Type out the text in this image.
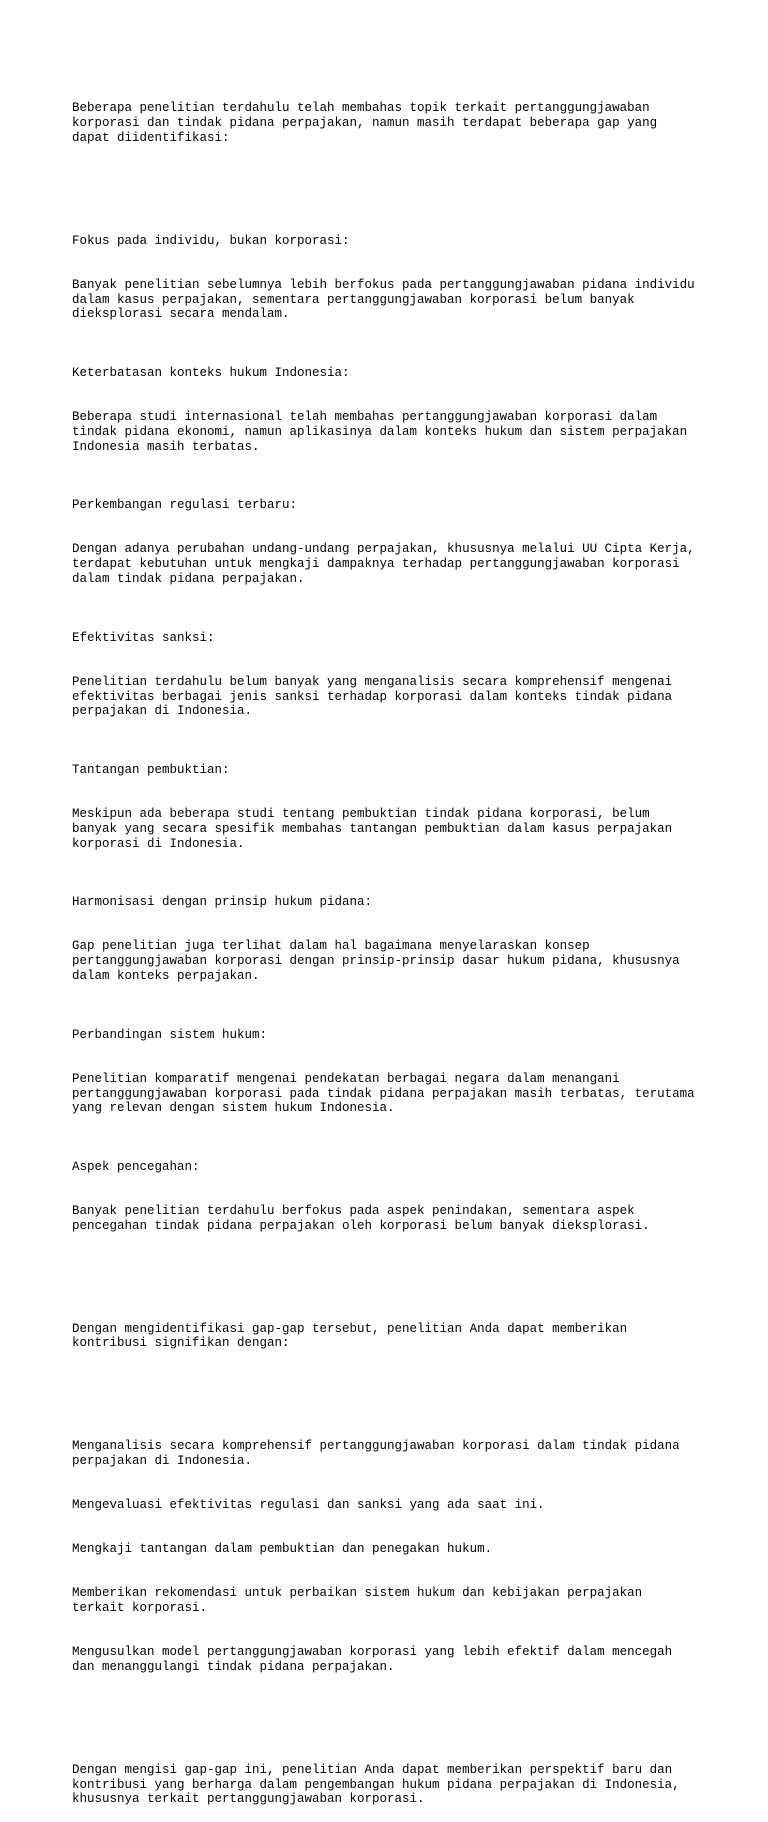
Beberapa penelitian terdahulu telah membahas topik terkait pertanggungjawaban
korporasi dan tindak pidana perpajakan, namun masih terdapat beberapa gap yang
dapat diidentifikasi:

Fokus pada individu, bukan korporasi:

Banyak penelitian sebelumnya lebih berfokus pada pertanggungjawaban pidana individu
dalam kasus perpajakan, sementara pertanggungjawaban korporasi belum banyak
dieksplorasi secara mendalam.

Keterbatasan konteks hukum Indonesia:

Beberapa studi internasional telah membahas pertanggungjawaban korporasi dalam
tindak pidana ekonomi, namun aplikasinya dalam konteks hukum dan sistem perpajakan
Indonesia masih terbatas.

Perkembangan regulasi terbaru:

Dengan adanya perubahan undang-undang perpajakan, khususnya melalui UU Cipta Kerja,
terdapat kebutuhan untuk mengkaji dampaknya terhadap pertanggungjawaban korporasi
dalam tindak pidana perpajakan.

Efektivitas sanksi:

Penelitian terdahulu belum banyak yang menganalisis secara komprehensif mengenai
efektivitas berbagai jenis sanksi terhadap korporasi dalam konteks tindak pidana
perpajakan di Indonesia.

Tantangan pembuktian:

Meskipun ada beberapa studi tentang pembuktian tindak pidana korporasi, belum
banyak yang secara spesifik membahas tantangan pembuktian dalam kasus perpajakan
korporasi di Indonesia.

Harmonisasi dengan prinsip hukum pidana:

Gap penelitian juga terlihat dalam hal bagaimana menyelaraskan konsep
pertanggungjawaban korporasi dengan prinsip-prinsip dasar hukum pidana, khususnya
dalam konteks perpajakan.

Perbandingan sistem hukum:

Penelitian komparatif mengenai pendekatan berbagai negara dalam menangani
pertanggungjawaban korporasi pada tindak pidana perpajakan masih terbatas, terutama
yang relevan dengan sistem hukum Indonesia.

Aspek pencegahan:

Banyak penelitian terdahulu berfokus pada aspek penindakan, sementara aspek
pencegahan tindak pidana perpajakan oleh korporasi belum banyak dieksplorasi.

Dengan mengidentifikasi gap-gap tersebut, penelitian Anda dapat memberikan
kontribusi signifikan dengan:

Menganalisis secara komprehensif pertanggungjawaban korporasi dalam tindak pidana
perpajakan di Indonesia.

Mengevaluasi efektivitas regulasi dan sanksi yang ada saat ini.

Mengkaji tantangan dalam pembuktian dan penegakan hukum.

Memberikan rekomendasi untuk perbaikan sistem hukum dan kebijakan perpajakan
terkait korporasi.

Mengusulkan model pertanggungjawaban korporasi yang lebih efektif dalam mencegah
dan menanggulangi tindak pidana perpajakan.

Dengan mengisi gap-gap ini, penelitian Anda dapat memberikan perspektif baru dan
kontribusi yang berharga dalam pengembangan hukum pidana perpajakan di Indonesia,
khususnya terkait pertanggungjawaban korporasi.
